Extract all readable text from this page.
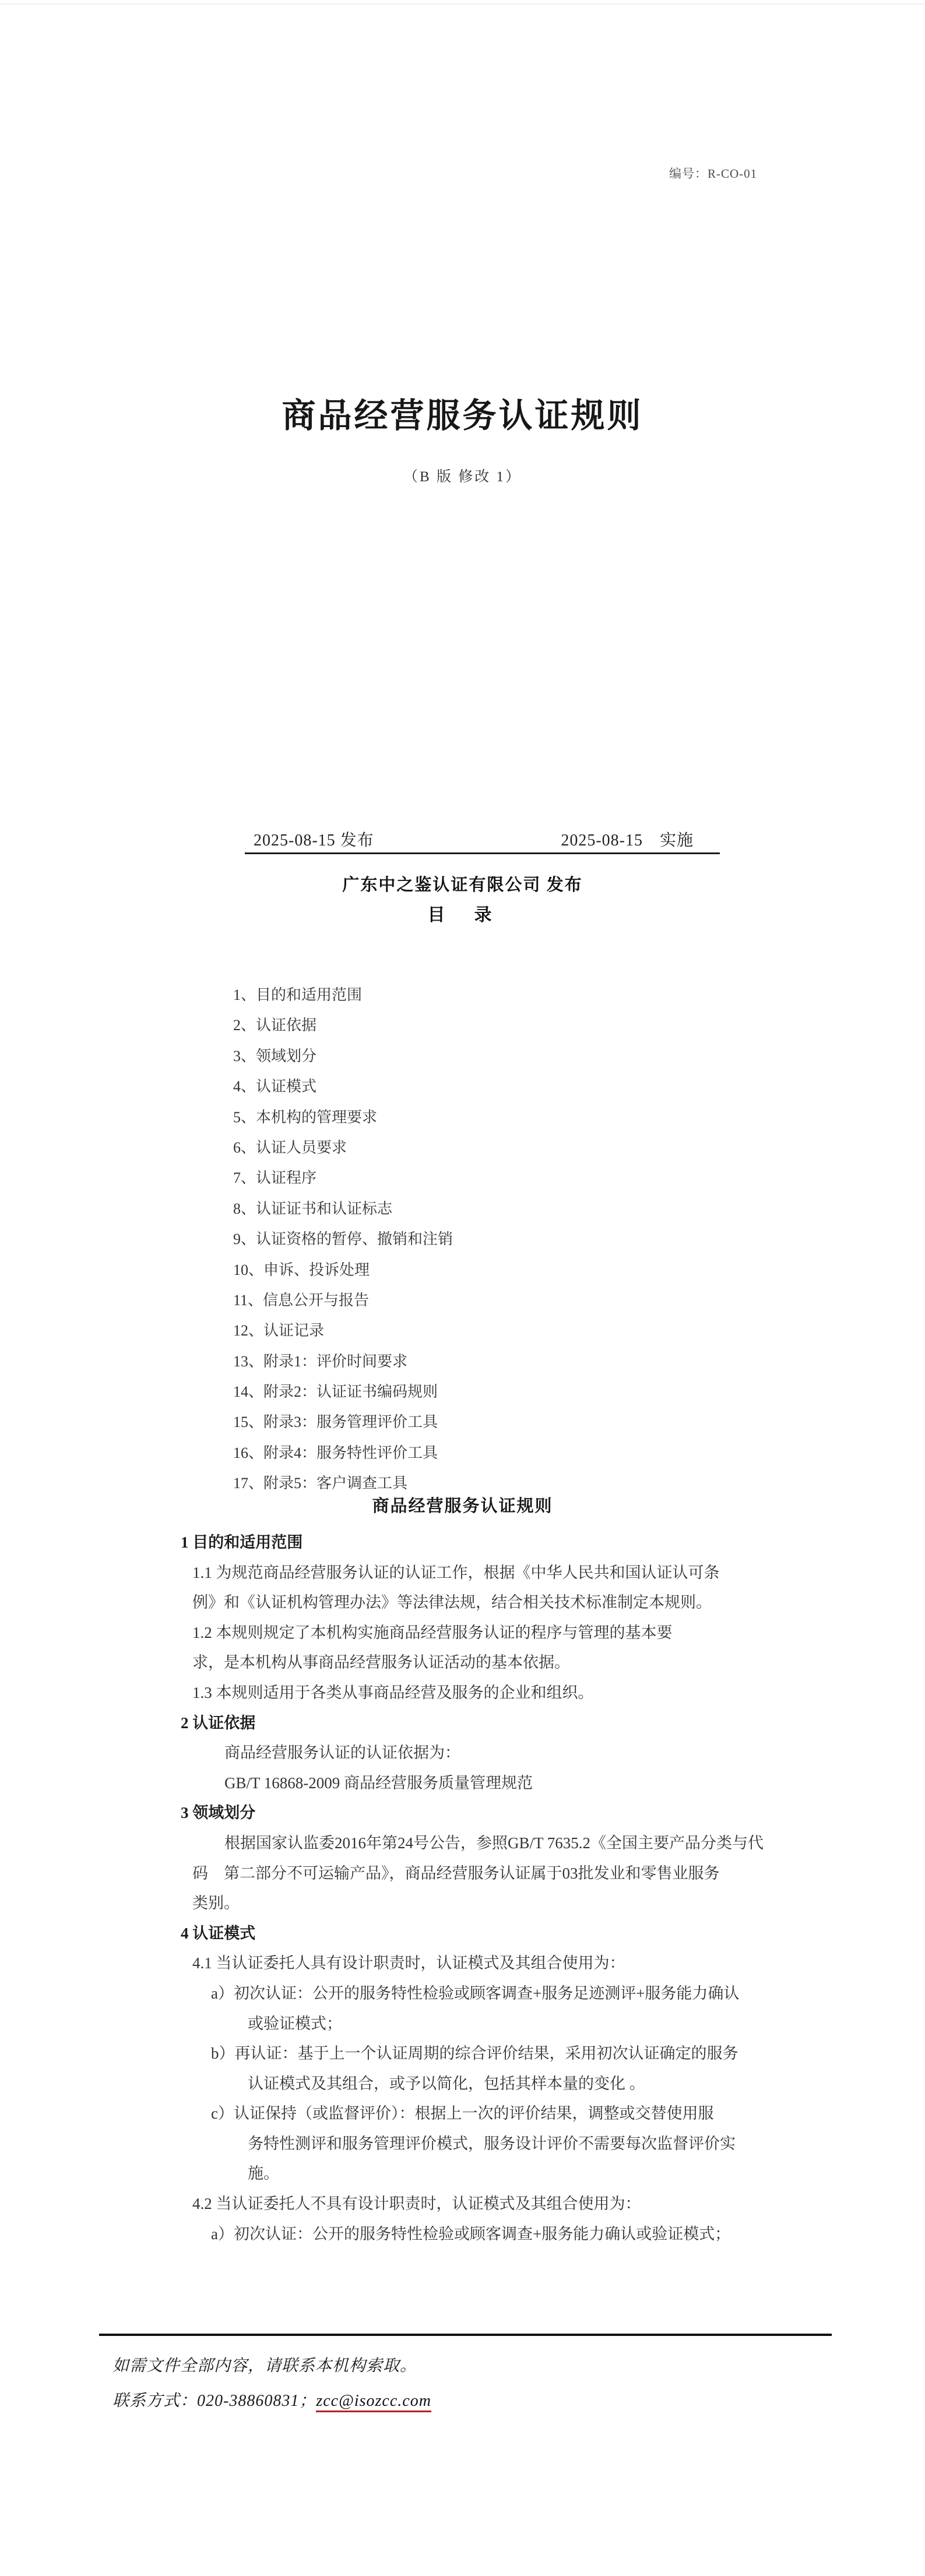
编号：R-CO-01
商品经营服务认证规则
（B 版 修改 1）
2025-08-15 发布	2025-08-15　实施
广东中之鉴认证有限公司 发布
目　录
1、目的和适用范围
2、认证依据
3、领域划分
4、认证模式
5、本机构的管理要求
6、认证人员要求
7、认证程序
8、认证证书和认证标志
9、认证资格的暂停、撤销和注销
10、申诉、投诉处理
11、信息公开与报告
12、认证记录
13、附录1：评价时间要求
14、附录2：认证证书编码规则
15、附录3：服务管理评价工具
16、附录4：服务特性评价工具
17、附录5：客户调查工具
商品经营服务认证规则
1 目的和适用范围
1.1 为规范商品经营服务认证的认证工作，根据《中华人民共和国认证认可条
例》和《认证机构管理办法》等法律法规，结合相关技术标准制定本规则。
1.2 本规则规定了本机构实施商品经营服务认证的程序与管理的基本要
求，是本机构从事商品经营服务认证活动的基本依据。
1.3 本规则适用于各类从事商品经营及服务的企业和组织。
2 认证依据
商品经营服务认证的认证依据为：
GB/T 16868-2009 商品经营服务质量管理规范
3 领域划分
根据国家认监委2016年第24号公告，参照GB/T 7635.2《全国主要产品分类与代
码　第二部分不可运输产品》，商品经营服务认证属于03批发业和零售业服务
类别。
4 认证模式
4.1 当认证委托人具有设计职责时，认证模式及其组合使用为：
a）初次认证：公开的服务特性检验或顾客调查+服务足迹测评+服务能力确认
或验证模式；
b）再认证：基于上一个认证周期的综合评价结果，采用初次认证确定的服务
认证模式及其组合，或予以简化，包括其样本量的变化 。
c）认证保持（或监督评价）：根据上一次的评价结果，调整或交替使用服
务特性测评和服务管理评价模式，服务设计评价不需要每次监督评价实
施。
4.2 当认证委托人不具有设计职责时，认证模式及其组合使用为：
a）初次认证：公开的服务特性检验或顾客调查+服务能力确认或验证模式；
如需文件全部内容，请联系本机构索取。
联系方式：020-38860831；zcc@isozcc.com
